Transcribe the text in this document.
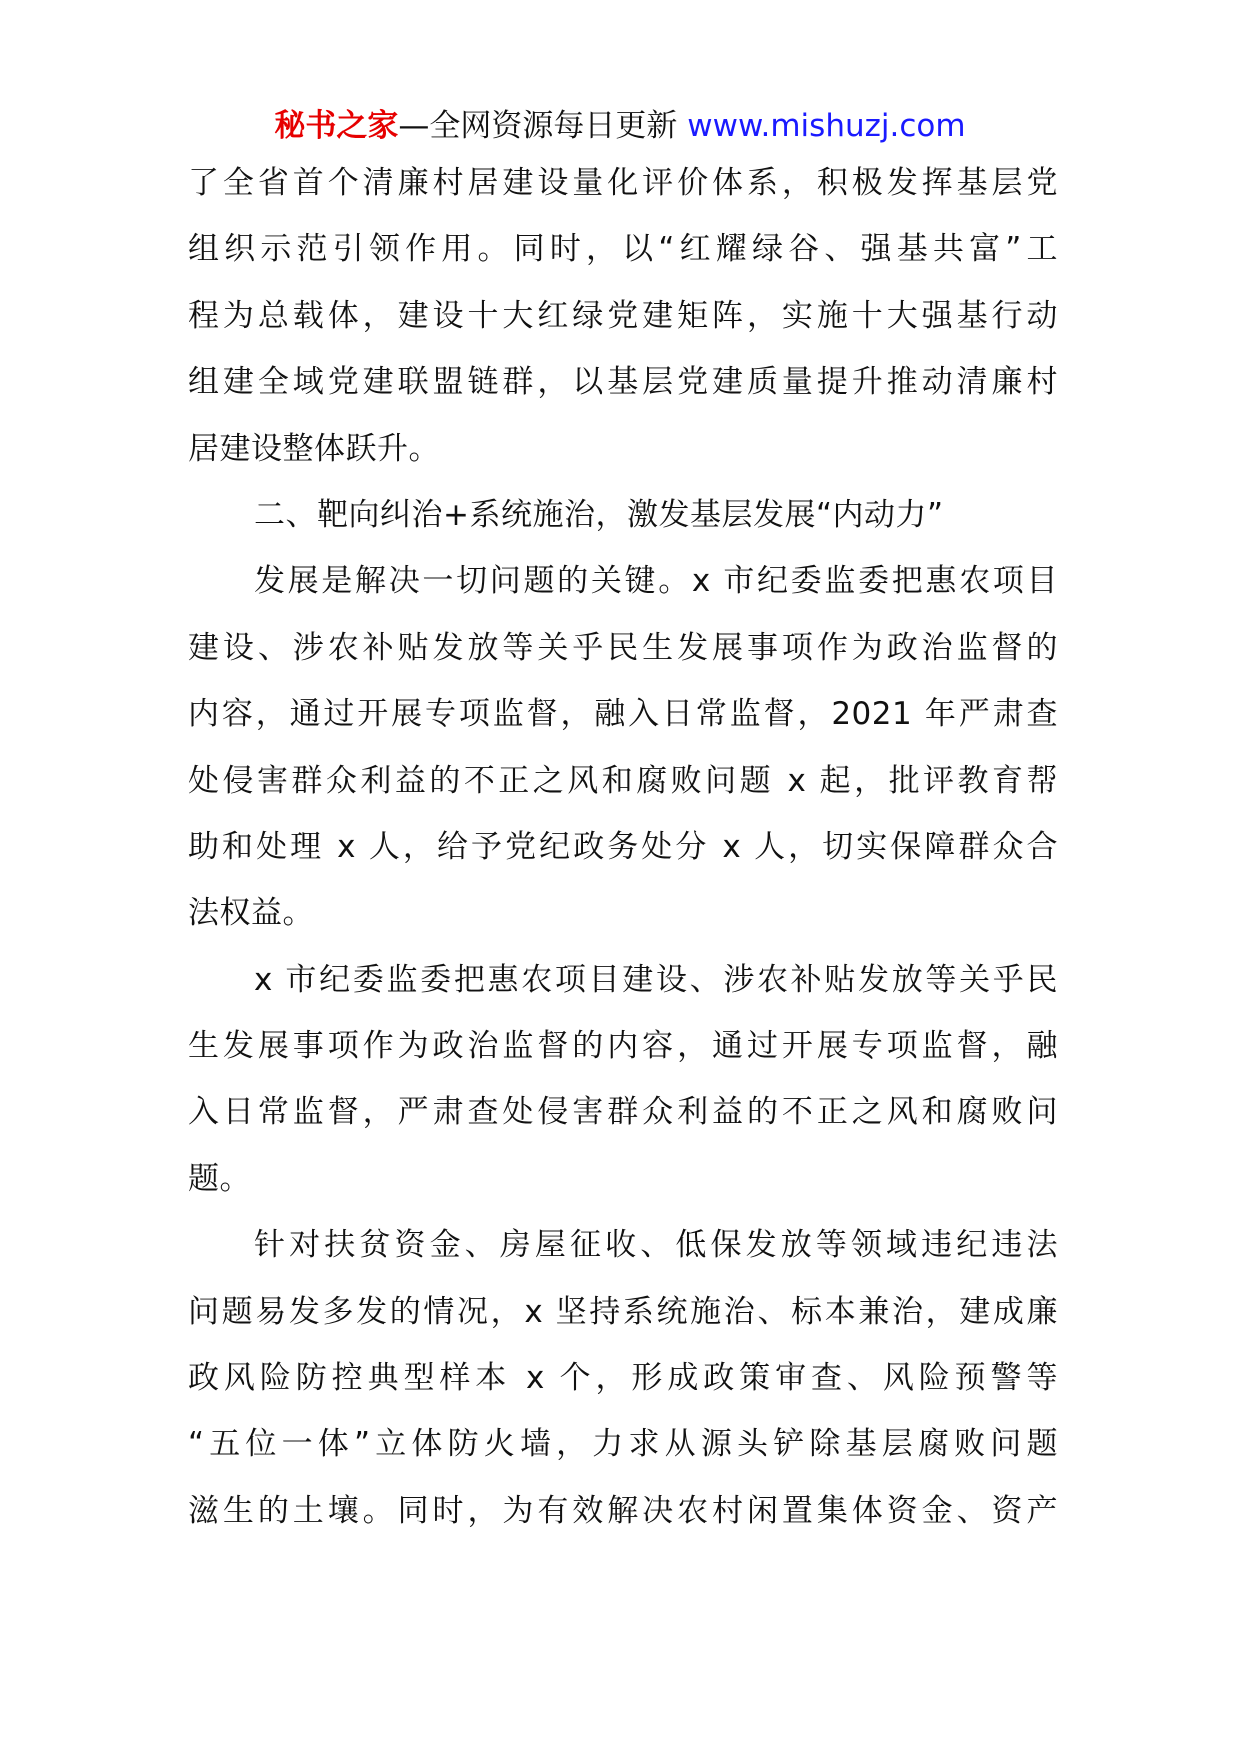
秘书之家—全网资源每日更新 www.mishuzj.com
了全省首个清廉村居建设量化评价体系，积极发挥基层党
组织示范引领作用。同时，以“红耀绿谷、强基共富”工
程为总载体，建设十大红绿党建矩阵，实施十大强基行动
组建全域党建联盟链群，以基层党建质量提升推动清廉村
居建设整体跃升。
二、靶向纠治+系统施治，激发基层发展“内动力”
发展是解决一切问题的关键。x 市纪委监委把惠农项目
建设、涉农补贴发放等关乎民生发展事项作为政治监督的
内容，通过开展专项监督，融入日常监督，2021 年严肃查
处侵害群众利益的不正之风和腐败问题 x 起，批评教育帮
助和处理 x 人，给予党纪政务处分 x 人，切实保障群众合
法权益。
x 市纪委监委把惠农项目建设、涉农补贴发放等关乎民
生发展事项作为政治监督的内容，通过开展专项监督，融
入日常监督，严肃查处侵害群众利益的不正之风和腐败问
题。
针对扶贫资金、房屋征收、低保发放等领域违纪违法
问题易发多发的情况，x 坚持系统施治、标本兼治，建成廉
政风险防控典型样本 x 个，形成政策审查、风险预警等
“五位一体”立体防火墙，力求从源头铲除基层腐败问题
滋生的土壤。同时，为有效解决农村闲置集体资金、资产
